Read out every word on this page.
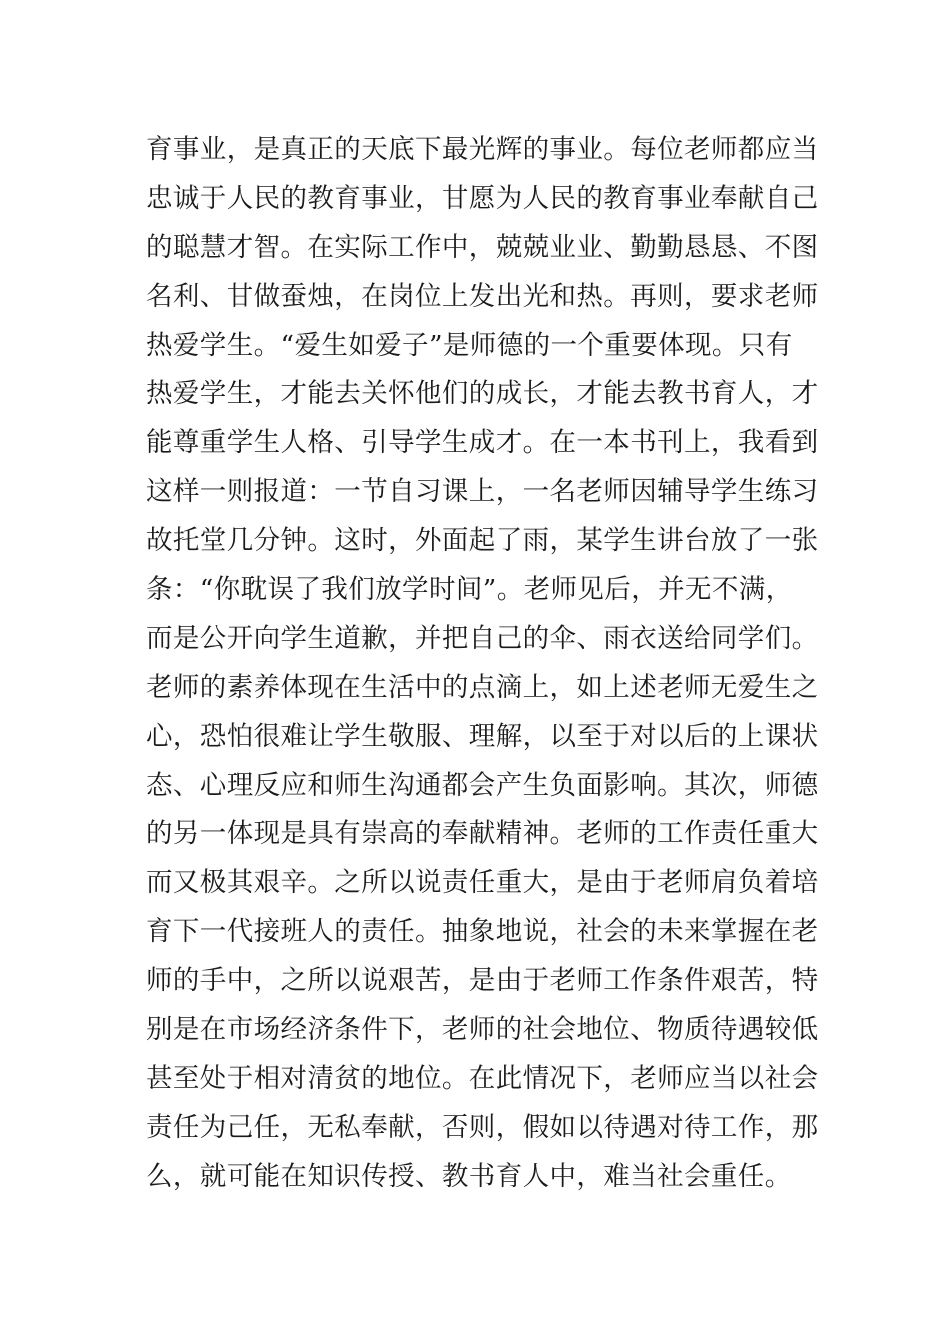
育事业，是真正的天底下最光辉的事业。每位老师都应当
忠诚于人民的教育事业，甘愿为人民的教育事业奉献自己
的聪慧才智。在实际工作中，兢兢业业、勤勤恳恳、不图
名利、甘做蚕烛，在岗位上发出光和热。再则，要求老师
热爱学生。“爱生如爱子”是师德的一个重要体现。只有
热爱学生，才能去关怀他们的成长，才能去教书育人，才
能尊重学生人格、引导学生成才。在一本书刊上，我看到
这样一则报道：一节自习课上，一名老师因辅导学生练习
故托堂几分钟。这时，外面起了雨，某学生讲台放了一张
条：“你耽误了我们放学时间”。老师见后，并无不满，
而是公开向学生道歉，并把自己的伞、雨衣送给同学们。
老师的素养体现在生活中的点滴上，如上述老师无爱生之
心，恐怕很难让学生敬服、理解，以至于对以后的上课状
态、心理反应和师生沟通都会产生负面影响。其次，师德
的另一体现是具有崇高的奉献精神。老师的工作责任重大
而又极其艰辛。之所以说责任重大，是由于老师肩负着培
育下一代接班人的责任。抽象地说，社会的未来掌握在老
师的手中，之所以说艰苦，是由于老师工作条件艰苦，特
别是在市场经济条件下，老师的社会地位、物质待遇较低
甚至处于相对清贫的地位。在此情况下，老师应当以社会
责任为己任，无私奉献，否则，假如以待遇对待工作，那
么，就可能在知识传授、教书育人中，难当社会重任。
